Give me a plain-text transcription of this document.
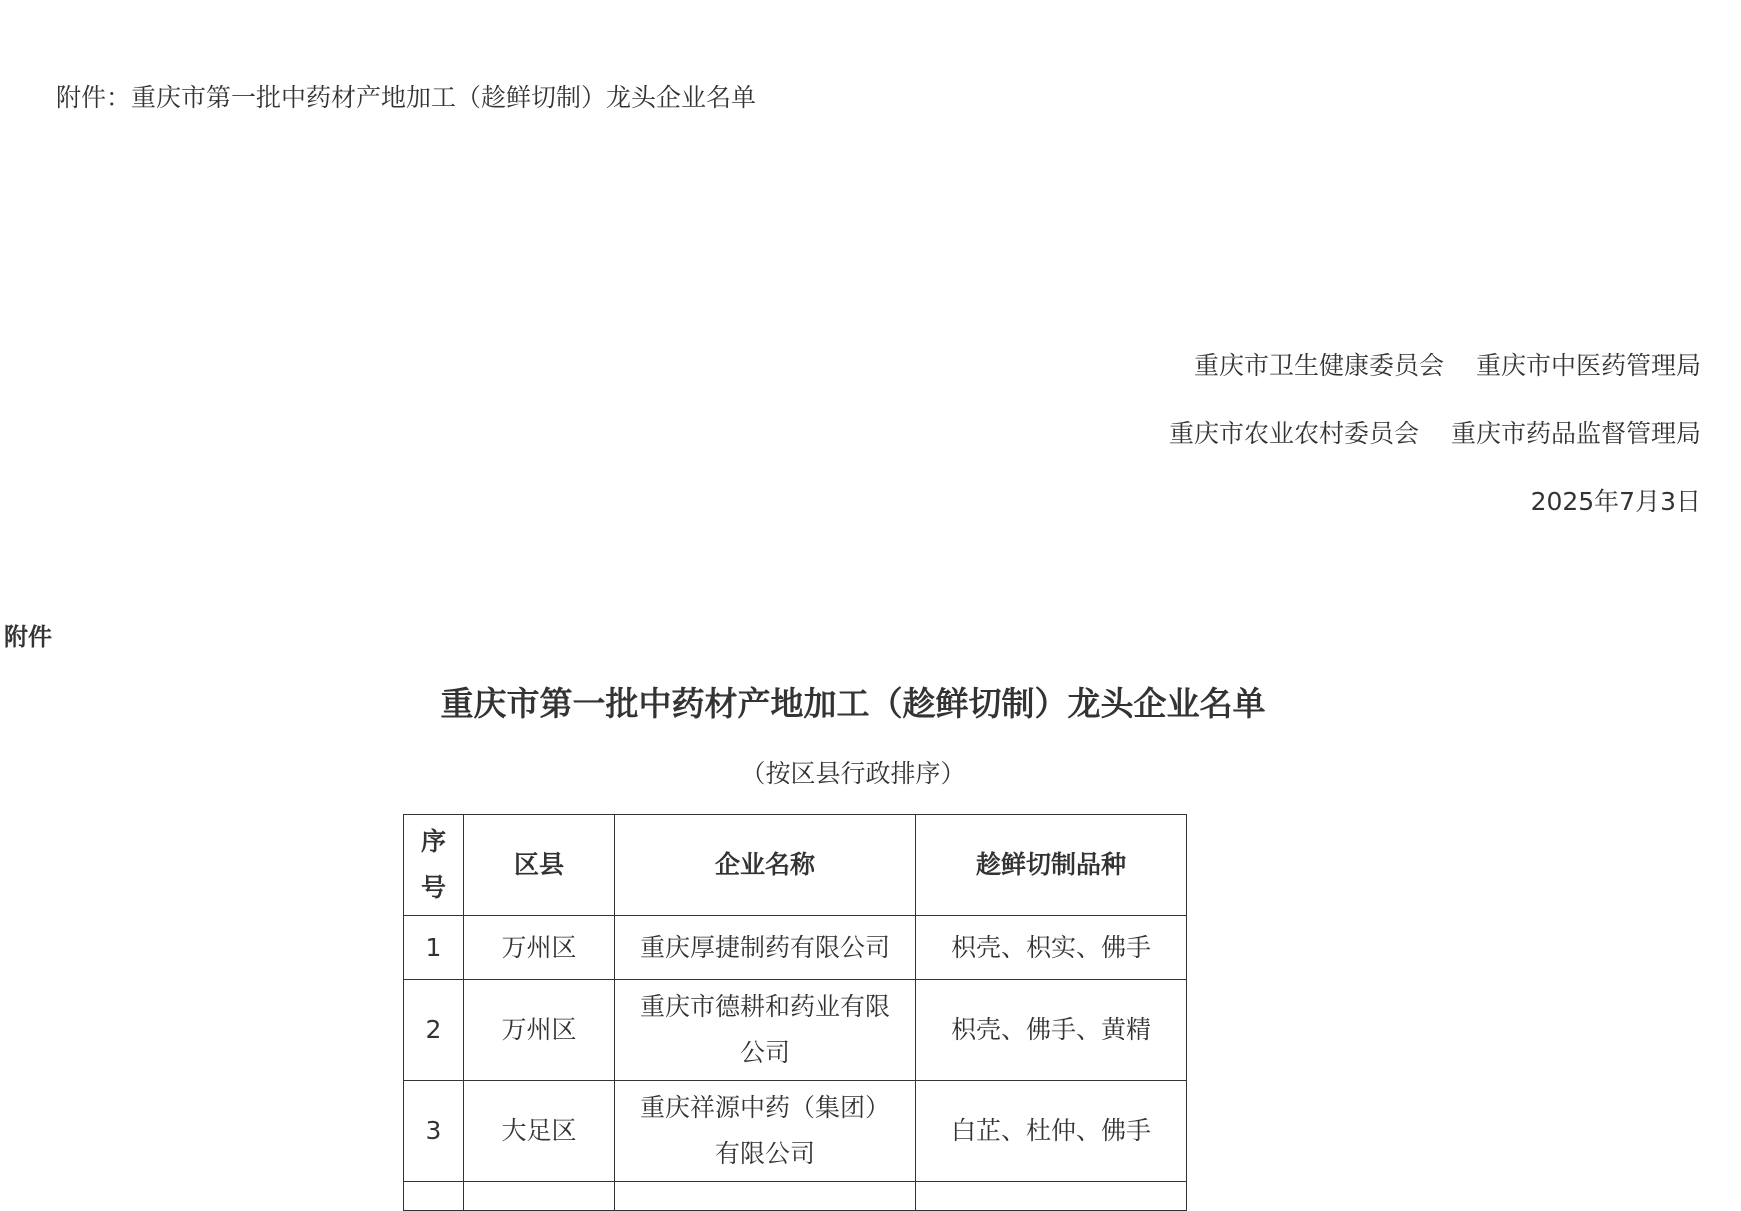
附件：重庆市第一批中药材产地加工（趁鲜切制）龙头企业名单
重庆市卫生健康委员会 重庆市中医药管理局
重庆市农业农村委员会 重庆市药品监督管理局
2025年7月3日
附件
重庆市第一批中药材产地加工（趁鲜切制）龙头企业名单
（按区县行政排序）
序号	区县	企业名称	趁鲜切制品种
1	万州区	重庆厚捷制药有限公司	枳壳、枳实、佛手
2	万州区	重庆市德耕和药业有限公司	枳壳、佛手、黄精
3	大足区	重庆祥源中药（集团）有限公司	白芷、杜仲、佛手
